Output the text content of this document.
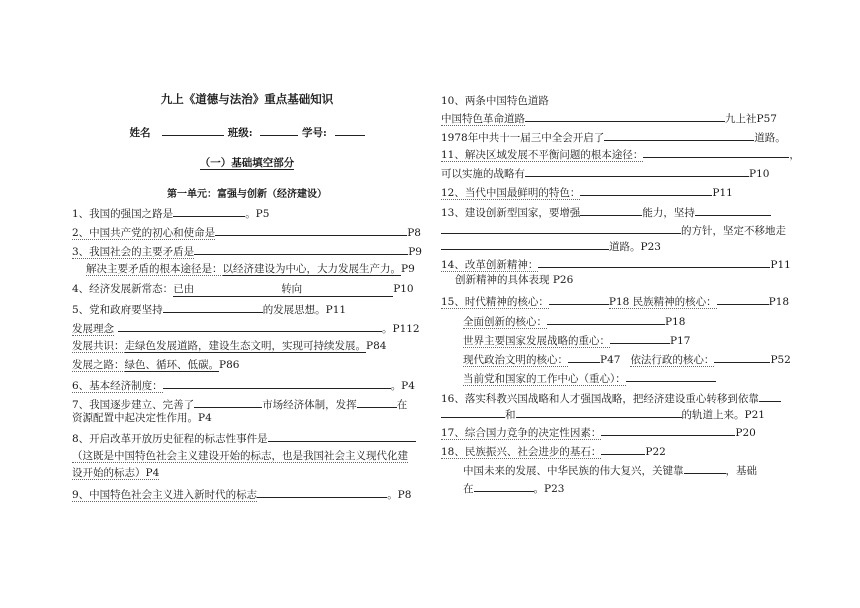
九上《道德与法治》重点基础知识
姓名	班级:	学号:
（一）基础填空部分
第一单元：富强与创新（经济建设）
1、我国的强国之路是	。P5
2、中国共产党的初心和使命是	P8
3、我国社会的主要矛盾是	P9
解决主要矛盾的根本途径是：以经济建设为中心，大力发展生产力。P9
4、经济发展新常态：已由	转向	P10
5、党和政府要坚持	的发展思想。P11
发展理念	。P112
发展共识：走绿色发展道路，建设生态文明，实现可持续发展。P84
发展之路：绿色、循环、低碳。P86
6、基本经济制度：	。P4
7、我国逐步建立、完善了	市场经济体制，发挥	在
资源配置中起决定性作用。P4
8、开启改革开放历史征程的标志性事件是
（这既是中国特色社会主义建设开始的标志，也是我国社会主义现代化建
设开始的标志）P4
9、中国特色社会主义进入新时代的标志	。P8
10、两条中国特色道路
中国特色革命道路	九上社P57
1978年中共十一届三中全会开启了	道路。
11、解决区域发展不平衡问题的根本途径：	，
可以实施的战略有	P10
12、当代中国最鲜明的特色：	P11
13、建设创新型国家，要增强	能力，坚持
的方针，坚定不移地走
道路。P23
14、改革创新精神：	P11
创新精神的具体表现 P26
15、时代精神的核心：	P18 民族精神的核心：	P18
全面创新的核心：	P18
世界主要国家发展战略的重心：	P17
现代政治文明的核心：	P47 依法行政的核心：	P52
当前党和国家的工作中心（重心）：
16、落实科教兴国战略和人才强国战略，把经济建设重心转移到依靠
和	的轨道上来。P21
17、综合国力竞争的决定性因素：	P20
18、民族振兴、社会进步的基石：	P22
中国未来的发展、中华民族的伟大复兴，关键靠	，基础
在	。P23
